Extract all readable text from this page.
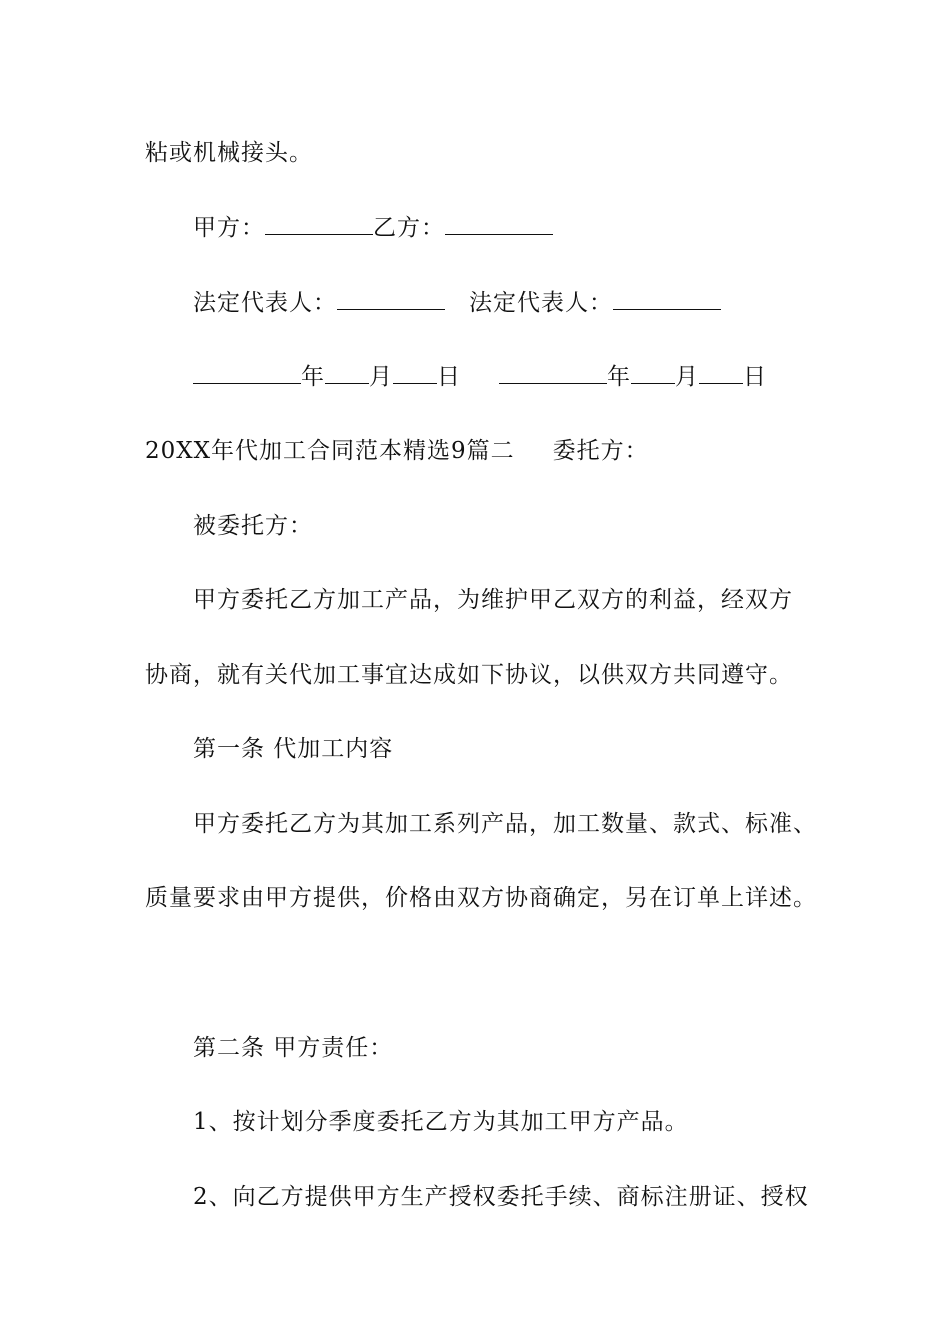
粘或机械接头。
甲方：	乙方：
法定代表人：	法定代表人：
年 月 日	年 月 日
20XX年代加工合同范本精选9篇二 委托方：
被委托方：
甲方委托乙方加工产品，为维护甲乙双方的利益，经双方
协商，就有关代加工事宜达成如下协议，以供双方共同遵守。
第一条 代加工内容
甲方委托乙方为其加工系列产品，加工数量、款式、标准、
质量要求由甲方提供，价格由双方协商确定，另在订单上详述。
第二条 甲方责任：
1、按计划分季度委托乙方为其加工甲方产品。
2、向乙方提供甲方生产授权委托手续、商标注册证、授权
